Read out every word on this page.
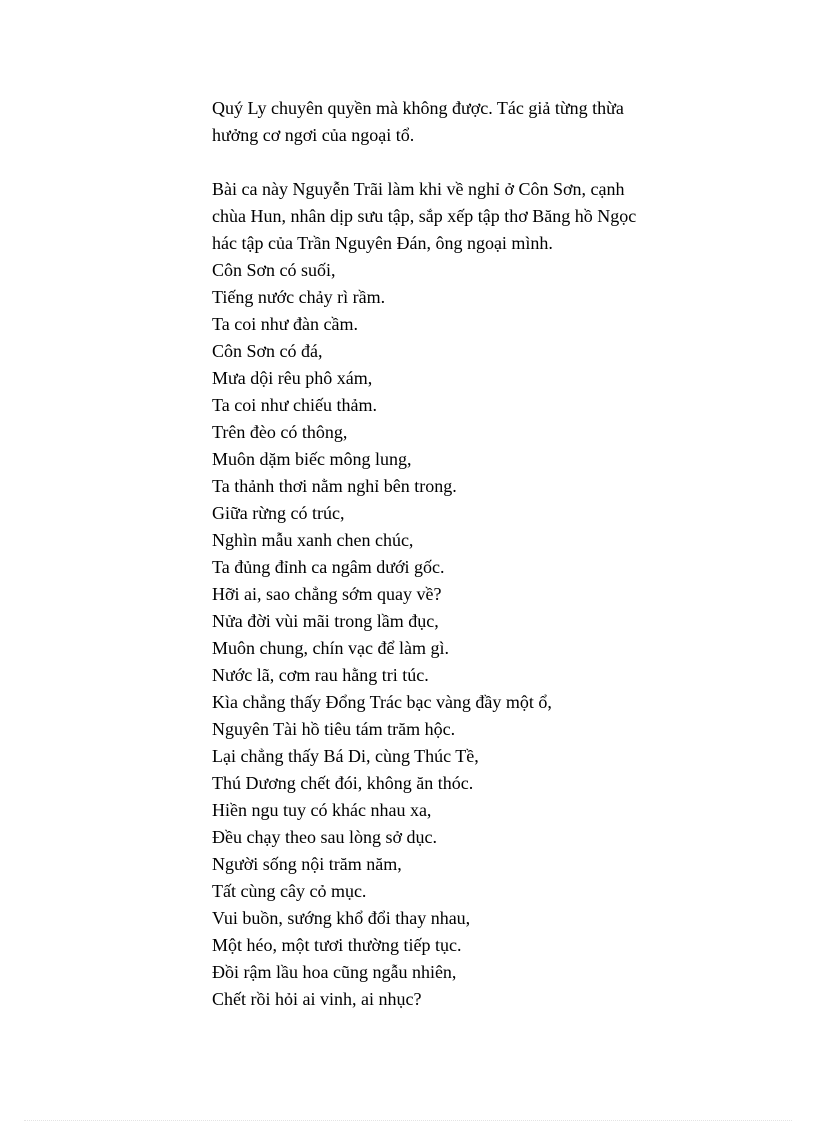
Quý Ly chuyên quyền mà không được. Tác giả từng thừa
hưởng cơ ngơi của ngoại tổ.

Bài ca này Nguyễn Trãi làm khi về nghỉ ở Côn Sơn, cạnh
chùa Hun, nhân dịp sưu tập, sắp xếp tập thơ Băng hồ Ngọc
hác tập của Trần Nguyên Đán, ông ngoại mình.

Côn Sơn có suối,
Tiếng nước chảy rì rầm.
Ta coi như đàn cầm.
Côn Sơn có đá,
Mưa dội rêu phô xám,
Ta coi như chiếu thảm.
Trên đèo có thông,
Muôn dặm biếc mông lung,
Ta thảnh thơi nằm nghỉ bên trong.
Giữa rừng có trúc,
Nghìn mẫu xanh chen chúc,
Ta đủng đỉnh ca ngâm dưới gốc.
Hỡi ai, sao chẳng sớm quay về?
Nửa đời vùi mãi trong lầm đục,
Muôn chung, chín vạc để làm gì.
Nước lã, cơm rau hằng tri túc.
Kìa chẳng thấy Đổng Trác bạc vàng đầy một ổ,
Nguyên Tài hồ tiêu tám trăm hộc.
Lại chẳng thấy Bá Di, cùng Thúc Tề,
Thú Dương chết đói, không ăn thóc.
Hiền ngu tuy có khác nhau xa,
Đều chạy theo sau lòng sở dục.
Người sống nội trăm năm,
Tất cùng cây cỏ mục.
Vui buồn, sướng khổ đổi thay nhau,
Một héo, một tươi thường tiếp tục.
Đồi rậm lầu hoa cũng ngẫu nhiên,
Chết rồi hỏi ai vinh, ai nhục?
